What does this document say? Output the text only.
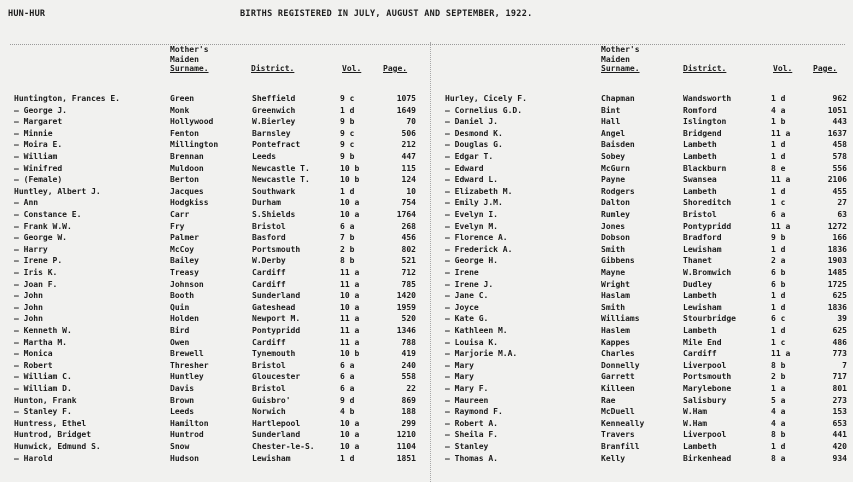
HUN-HUR	BIRTHS REGISTERED IN JULY, AUGUST AND SEPTEMBER, 1922.
Mother's
Maiden
Surname.	District.	Vol.	Page.
Huntington, Frances E.	Green	Sheffield	9 c	1075
— George J.	Monk	Greenwich	1 d	1649
— Margaret	Hollywood	W.Bierley	9 b	70
— Minnie	Fenton	Barnsley	9 c	506
— Moira E.	Millington	Pontefract	9 c	212
— William	Brennan	Leeds	9 b	447
— Winifred	Muldoon	Newcastle T.	10 b	115
— (Female)	Berton	Newcastle T.	10 b	124
Huntley, Albert J.	Jacques	Southwark	1 d	10
— Ann	Hodgkiss	Durham	10 a	754
— Constance E.	Carr	S.Shields	10 a	1764
— Frank W.W.	Fry	Bristol	6 a	268
— George W.	Palmer	Basford	7 b	456
— Harry	McCoy	Portsmouth	2 b	802
— Irene P.	Bailey	W.Derby	8 b	521
— Iris K.	Treasy	Cardiff	11 a	712
— Joan F.	Johnson	Cardiff	11 a	785
— John	Booth	Sunderland	10 a	1420
— John	Quin	Gateshead	10 a	1959
— John	Holden	Newport M.	11 a	520
— Kenneth W.	Bird	Pontypridd	11 a	1346
— Martha M.	Owen	Cardiff	11 a	788
— Monica	Brewell	Tynemouth	10 b	419
— Robert	Thresher	Bristol	6 a	240
— William C.	Huntley	Gloucester	6 a	558
— William D.	Davis	Bristol	6 a	22
Hunton, Frank	Brown	Guisbro'	9 d	869
— Stanley F.	Leeds	Norwich	4 b	188
Huntress, Ethel	Hamilton	Hartlepool	10 a	299
Huntrod, Bridget	Huntrod	Sunderland	10 a	1210
Hunwick, Edmund S.	Snow	Chester-le-S.	10 a	1104
— Harold	Hudson	Lewisham	1 d	1851
Mother's
Maiden
Surname.	District.	Vol.	Page.
Hurley, Cicely F.	Chapman	Wandsworth	1 d	962
— Cornelius G.D.	Bint	Romford	4 a	1051
— Daniel J.	Hall	Islington	1 b	443
— Desmond K.	Angel	Bridgend	11 a	1637
— Douglas G.	Baisden	Lambeth	1 d	458
— Edgar T.	Sobey	Lambeth	1 d	578
— Edward	McGurn	Blackburn	8 e	556
— Edward L.	Payne	Swansea	11 a	2106
— Elizabeth M.	Rodgers	Lambeth	1 d	455
— Emily J.M.	Dalton	Shoreditch	1 c	27
— Evelyn I.	Rumley	Bristol	6 a	63
— Evelyn M.	Jones	Pontypridd	11 a	1272
— Florence A.	Dobson	Bradford	9 b	166
— Frederick A.	Smith	Lewisham	1 d	1836
— George H.	Gibbens	Thanet	2 a	1903
— Irene	Mayne	W.Bromwich	6 b	1485
— Irene J.	Wright	Dudley	6 b	1725
— Jane C.	Haslam	Lambeth	1 d	625
— Joyce	Smith	Lewisham	1 d	1836
— Kate G.	Williams	Stourbridge	6 c	39
— Kathleen M.	Haslem	Lambeth	1 d	625
— Louisa K.	Kappes	Mile End	1 c	486
— Marjorie M.A.	Charles	Cardiff	11 a	773
— Mary	Donnelly	Liverpool	8 b	7
— Mary	Garrett	Portsmouth	2 b	717
— Mary F.	Killeen	Marylebone	1 a	801
— Maureen	Rae	Salisbury	5 a	273
— Raymond F.	McDuell	W.Ham	4 a	153
— Robert A.	Kenneally	W.Ham	4 a	653
— Sheila F.	Travers	Liverpool	8 b	441
— Stanley	Branfill	Lambeth	1 d	420
— Thomas A.	Kelly	Birkenhead	8 a	934
